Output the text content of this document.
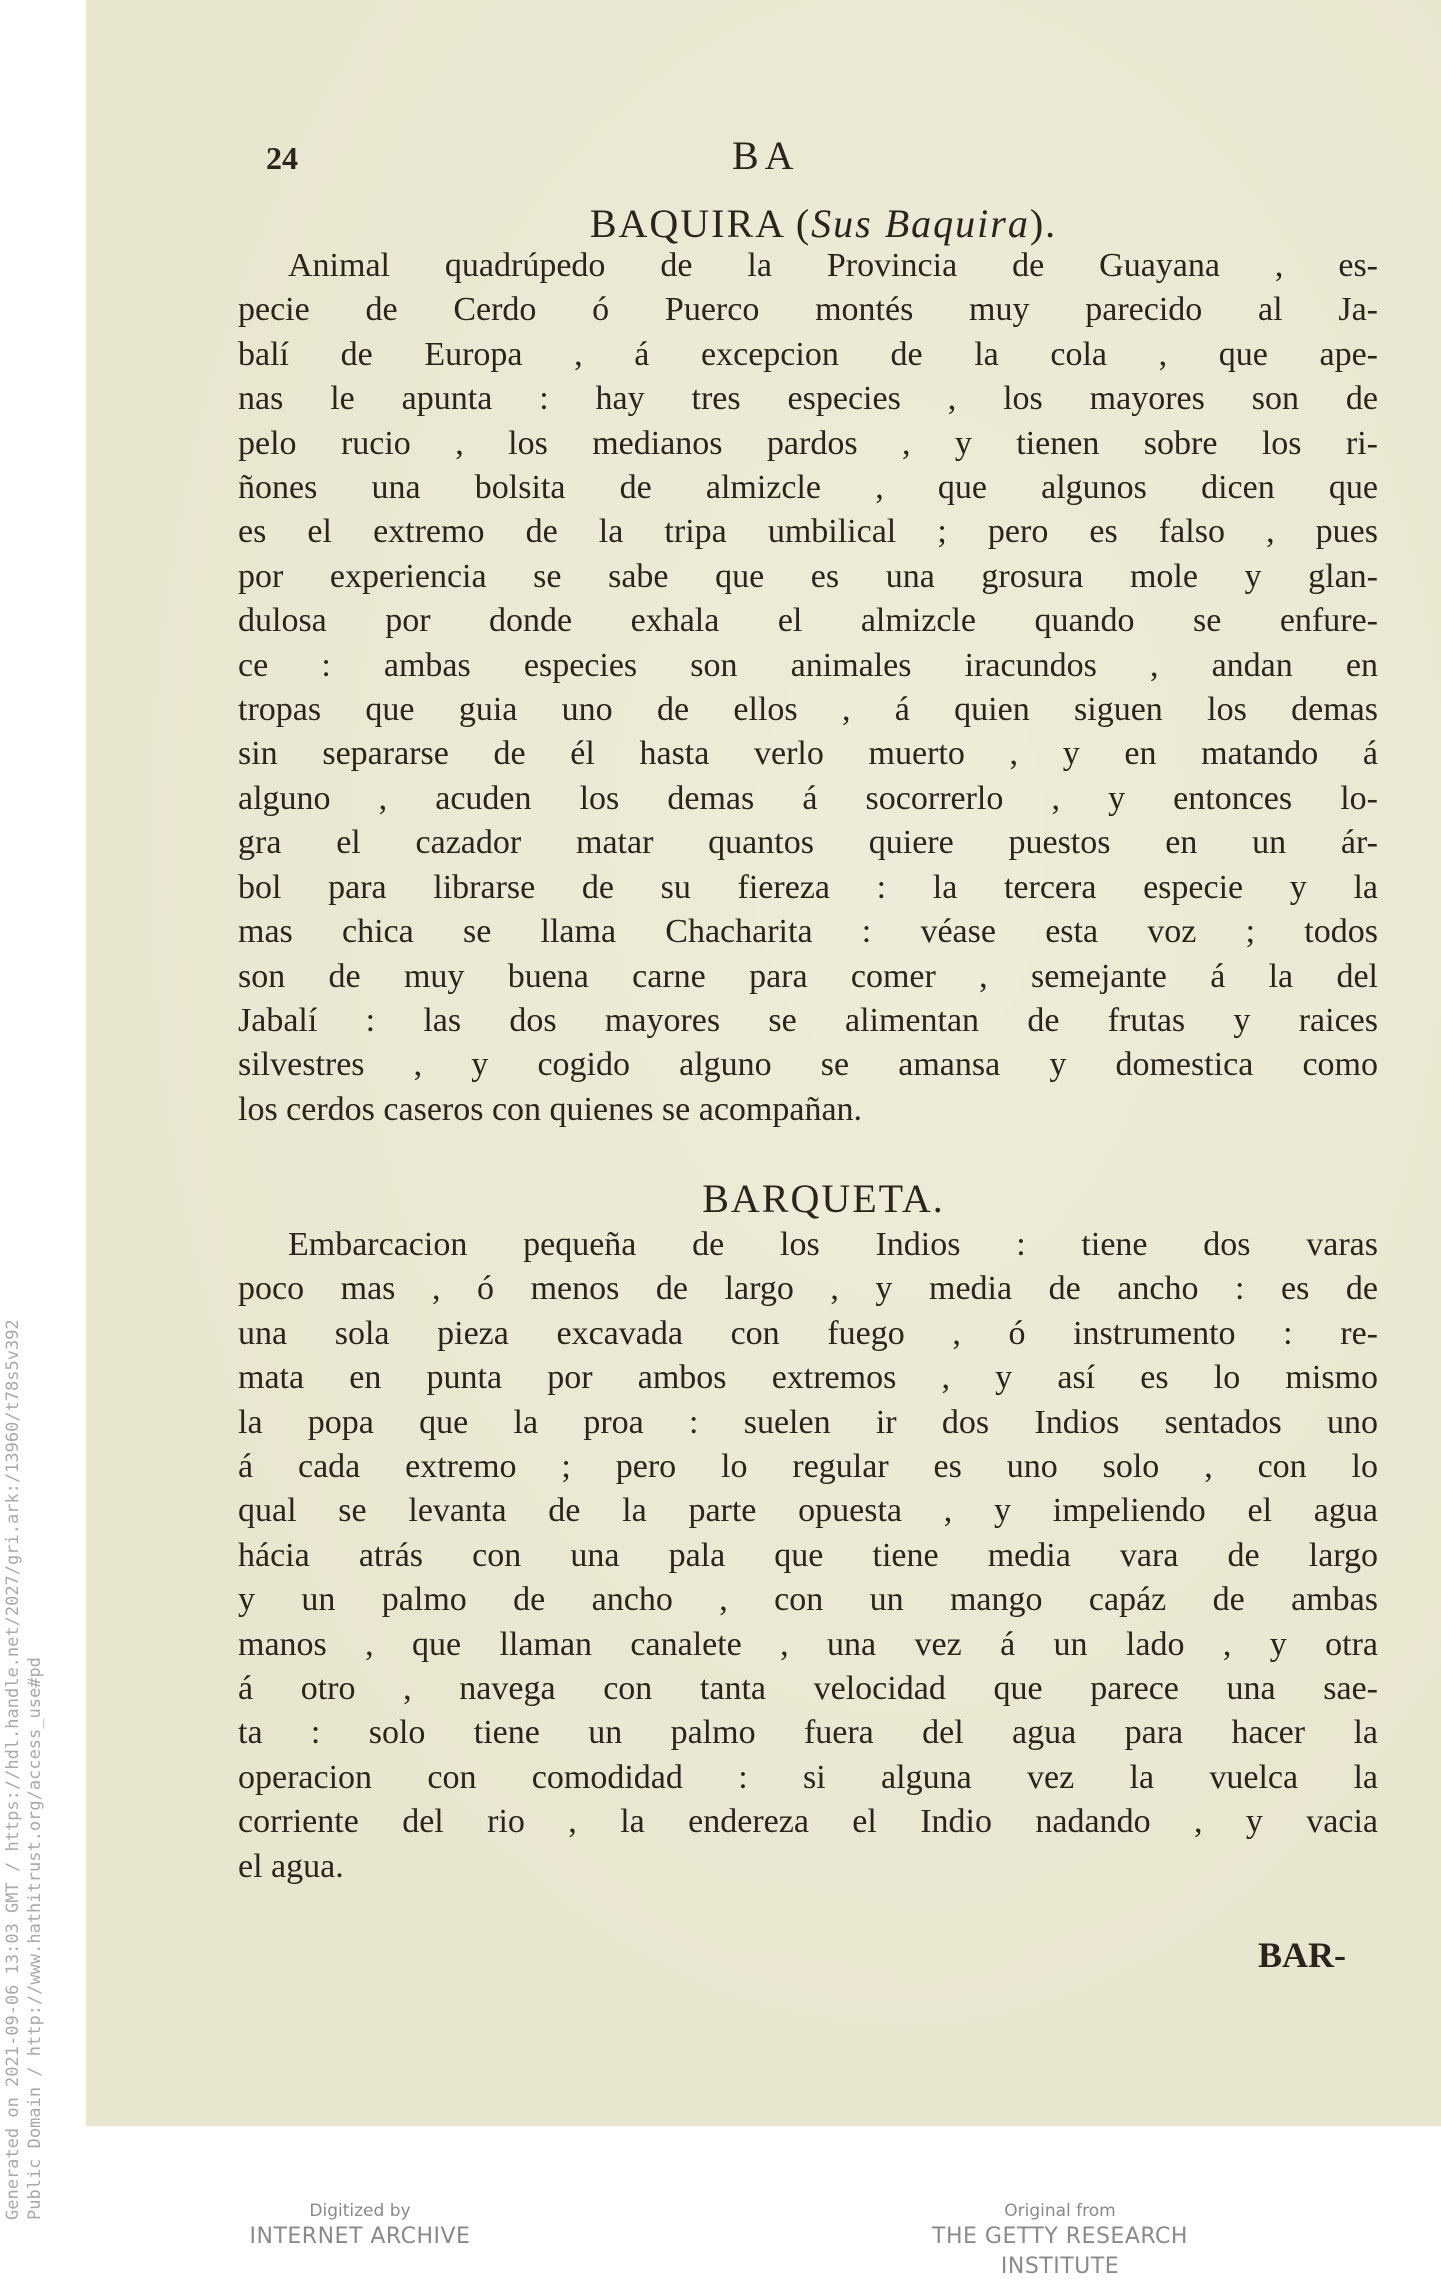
24	BA
BAQUIRA (Sus Baquira).
Animal quadrúpedo de la Provincia de Guayana , es-
pecie de Cerdo ó Puerco montés muy parecido al Ja-
balí de Europa , á excepcion de la cola , que ape-
nas le apunta : hay tres especies , los mayores son de
pelo rucio , los medianos pardos , y tienen sobre los ri-
ñones una bolsita de almizcle , que algunos dicen que
es el extremo de la tripa umbilical ; pero es falso , pues
por experiencia se sabe que es una grosura mole y glan-
dulosa por donde exhala el almizcle quando se enfure-
ce : ambas especies son animales iracundos , andan en
tropas que guia uno de ellos , á quien siguen los demas
sin separarse de él hasta verlo muerto , y en matando á
alguno , acuden los demas á socorrerlo , y entonces lo-
gra el cazador matar quantos quiere puestos en un ár-
bol para librarse de su fiereza : la tercera especie y la
mas chica se llama Chacharita : véase esta voz ; todos
son de muy buena carne para comer , semejante á la del
Jabalí : las dos mayores se alimentan de frutas y raices
silvestres , y cogido alguno se amansa y domestica como
los cerdos caseros con quienes se acompañan.
BARQUETA.
Embarcacion pequeña de los Indios : tiene dos varas
poco mas , ó menos de largo , y media de ancho : es de
una sola pieza excavada con fuego , ó instrumento : re-
mata en punta por ambos extremos , y así es lo mismo
la popa que la proa : suelen ir dos Indios sentados uno
á cada extremo ; pero lo regular es uno solo , con lo
qual se levanta de la parte opuesta , y impeliendo el agua
hácia atrás con una pala que tiene media vara de largo
y un palmo de ancho , con un mango capáz de ambas
manos , que llaman canalete , una vez á un lado , y otra
á otro , navega con tanta velocidad que parece una sae-
ta : solo tiene un palmo fuera del agua para hacer la
operacion con comodidad : si alguna vez la vuelca la
corriente del rio , la endereza el Indio nadando , y vacia
el agua.
BAR-
Generated on 2021-09-06 13:03 GMT / https://hdl.handle.net/2027/gri.ark:/13960/t78s5v392 Public Domain / http://www.hathitrust.org/access_use#pd	Digitized by
INTERNET ARCHIVE
Original from
THE GETTY RESEARCH INSTITUTE
